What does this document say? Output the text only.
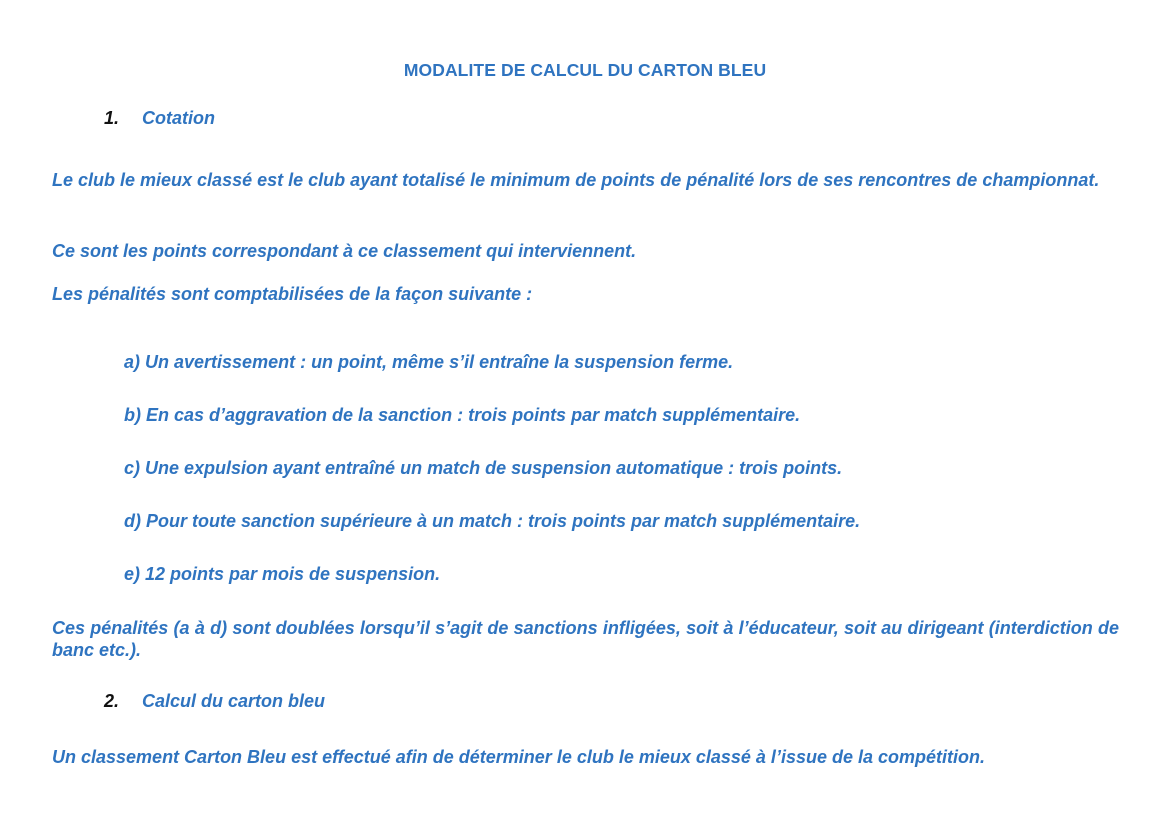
MODALITE DE CALCUL DU CARTON BLEU
1. Cotation
Le club le mieux classé est le club ayant totalisé le minimum de points de pénalité lors de ses rencontres de championnat.
Ce sont les points correspondant à ce classement qui interviennent.
Les pénalités sont comptabilisées de la façon suivante :
a) Un avertissement : un point, même s’il entraîne la suspension ferme.
b) En cas d’aggravation de la sanction : trois points par match supplémentaire.
c) Une expulsion ayant entraîné un match de suspension automatique : trois points.
d) Pour toute sanction supérieure à un match : trois points par match supplémentaire.
e) 12 points par mois de suspension.
Ces pénalités (a à d) sont doublées lorsqu’il s’agit de sanctions infligées, soit à l’éducateur, soit au dirigeant (interdiction de banc etc.).
2. Calcul du carton bleu
Un classement Carton Bleu est effectué afin de déterminer le club le mieux classé à l’issue de la compétition.
